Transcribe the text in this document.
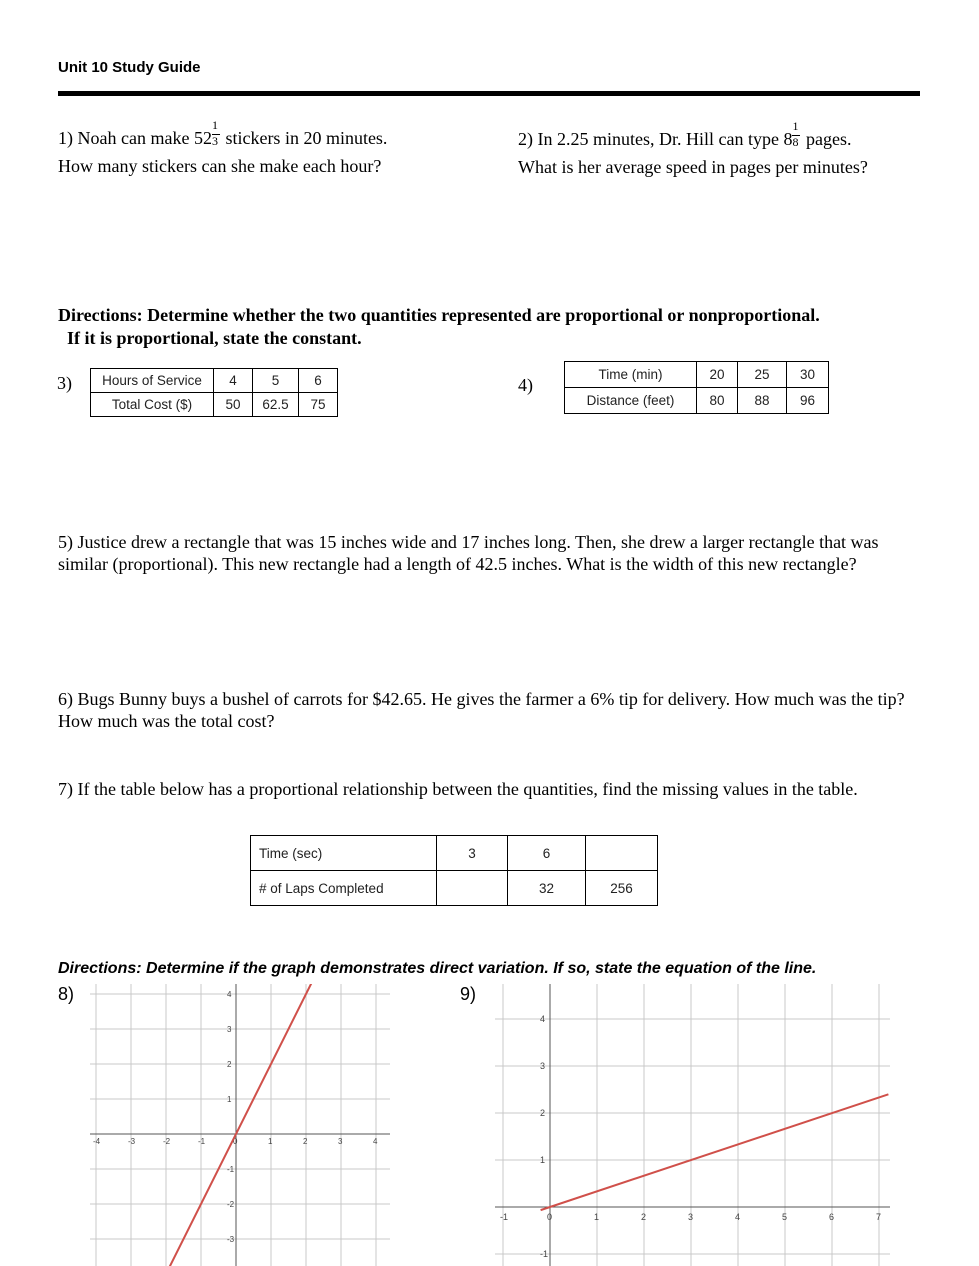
Unit 10 Study Guide
1) Noah can make $52 \frac{1}{3}$ stickers in 20 minutes.
How many stickers can she make each hour?
2) In 2.25 minutes, Dr. Hill can type $8 \frac{1}{8}$ pages.
What is her average speed in pages per minutes?
Directions: Determine whether the two quantities represented are proportional or nonproportional.
If it is proportional, state the constant.
3) Hours of Service	4	5	6
Total Cost ($)	50	62.5	75
4)
Time (min)	20	25	30
Distance (feet)	80	88	96
5) Justice drew a rectangle that was 15 inches wide and 17 inches long. Then, she drew a larger rectangle that was similar (proportional). This new rectangle had a length of 42.5 inches. What is the width of this new rectangle?
6) Bugs Bunny buys a bushel of carrots for $42.65. He gives the farmer a 6% tip for delivery. How much was the tip? How much was the total cost?
7) If the table below has a proportional relationship between the quantities, find the missing values in the table.
Time (sec)	3	6	
# of Laps Completed		32	256
Directions: Determine if the graph demonstrates direct variation. If so, state the equation of the line.
8)	9)
-4	-3	-2	-1	0	1	2	3	4
4
3
2
1
-1
-2
-3
-1	0	1	2	3	4	5	6	7
4
3
2
1
-1
